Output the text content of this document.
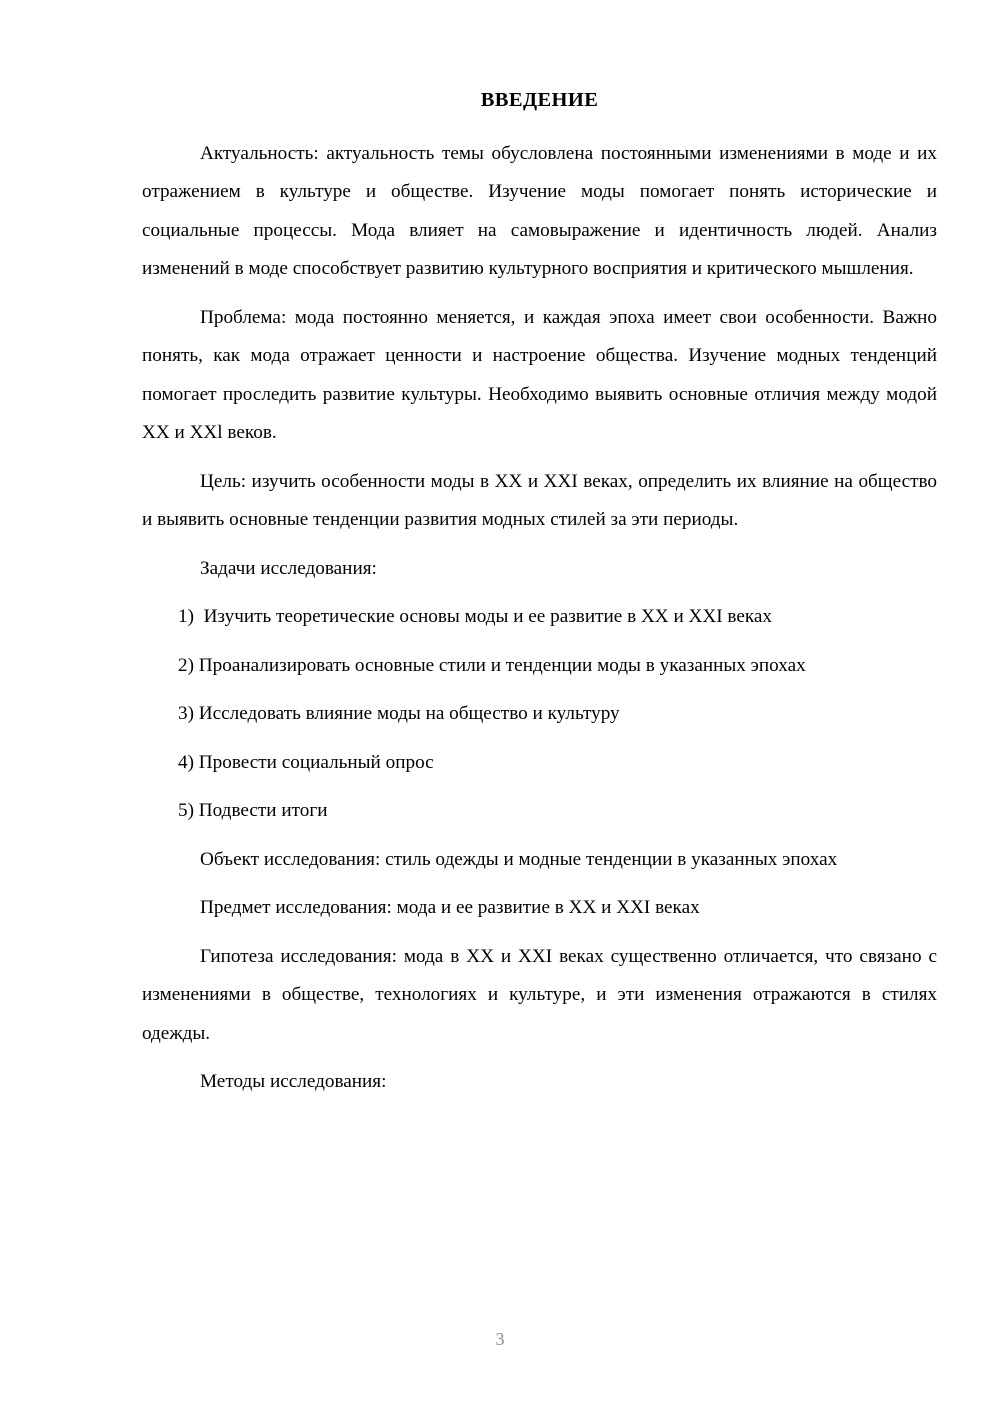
ВВЕДЕНИЕ

Актуальность: актуальность темы обусловлена постоянными изменениями в моде и их отражением в культуре и обществе. Изучение моды помогает понять исторические и социальные процессы. Мода влияет на самовыражение и идентичность людей. Анализ изменений в моде способствует развитию культурного восприятия и критического мышления.

Проблема: мода постоянно меняется, и каждая эпоха имеет свои особенности. Важно понять, как мода отражает ценности и настроение общества. Изучение модных тенденций помогает проследить развитие культуры. Необходимо выявить основные отличия между модой XX и XXl веков.

Цель: изучить особенности моды в XX и XXI веках, определить их влияние на общество и выявить основные тенденции развития модных стилей за эти периоды.

Задачи исследования:

1)  Изучить теоретические основы моды и ее развитие в XX и XXI веках
2) Проанализировать основные стили и тенденции моды в указанных эпохах
3) Исследовать влияние моды на общество и культуру
4) Провести социальный опрос
5) Подвести итоги

Объект исследования: стиль одежды и модные тенденции в указанных эпохах

Предмет исследования: мода и ее развитие в XX и XXI веках

Гипотеза исследования: мода в XX и XXI веках существенно отличается, что связано с изменениями в обществе, технологиях и культуре, и эти изменения отражаются в стилях одежды.

Методы исследования:

3
